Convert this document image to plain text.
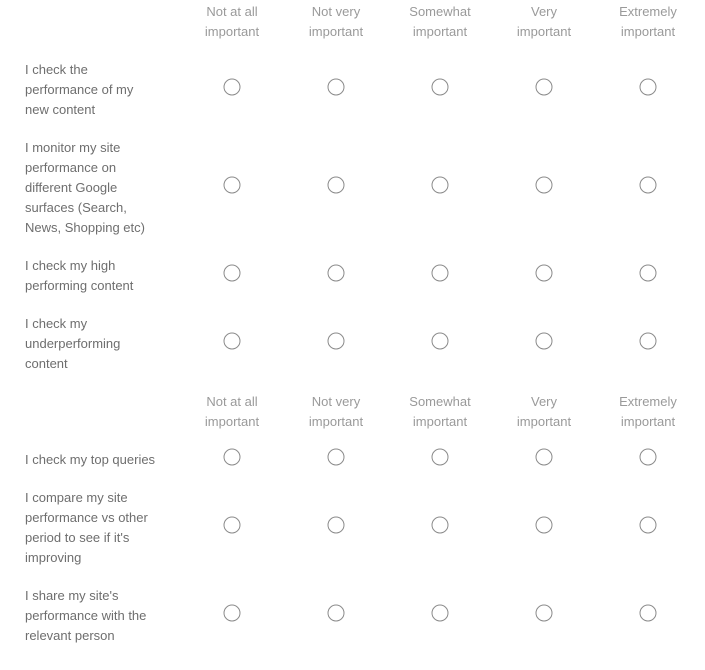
Not at all
important
Not very
important
Somewhat
important
Very
important
Extremely
important
Not at all
important
Not very
important
Somewhat
important
Very
important
Extremely
important
I check the
performance of my
new content
I monitor my site
performance on
different Google
surfaces (Search,
News, Shopping etc)
I check my high
performing content
I check my
underperforming
content
I check my top queries
I compare my site
performance vs other
period to see if it's
improving
I share my site's
performance with the
relevant person
